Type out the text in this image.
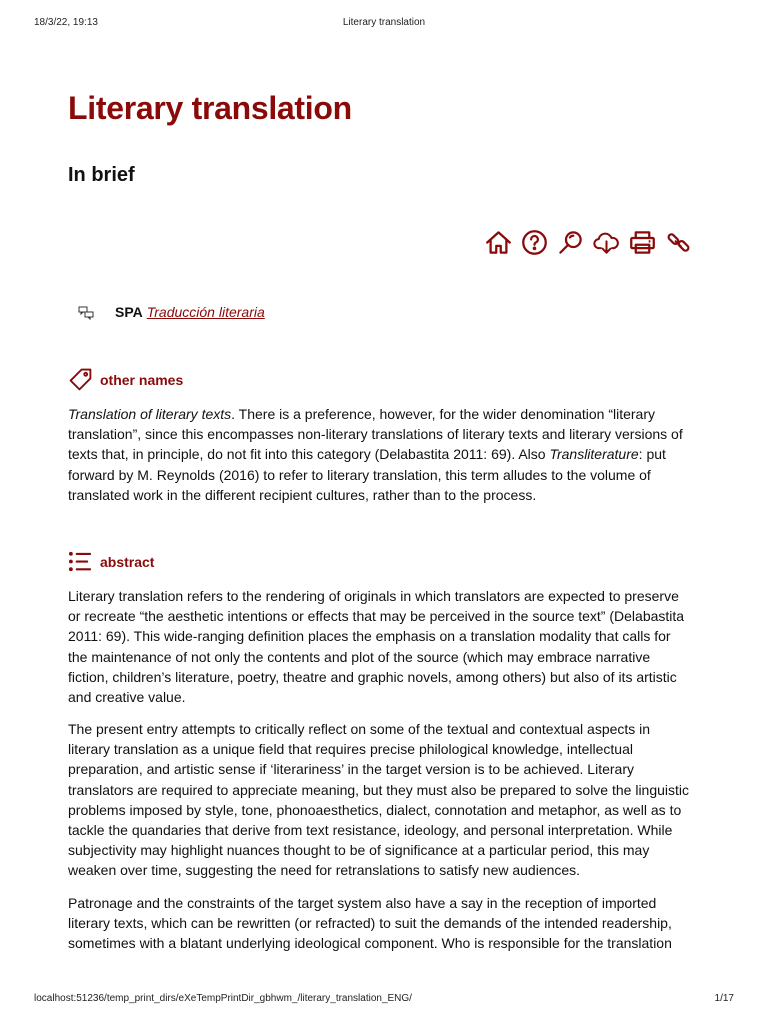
18/3/22, 19:13	Literary translation
Literary translation
In brief
SPA Traducción literaria
other names

Translation of literary texts. There is a preference, however, for the wider denomination “literary
translation”, since this encompasses non-literary translations of literary texts and literary versions of
texts that, in principle, do not fit into this category (Delabastita 2011: 69). Also Transliterature: put
forward by M. Reynolds (2016) to refer to literary translation, this term alludes to the volume of
translated work in the different recipient cultures, rather than to the process.

abstract

Literary translation refers to the rendering of originals in which translators are expected to preserve
or recreate “the aesthetic intentions or effects that may be perceived in the source text” (Delabastita
2011: 69). This wide-ranging definition places the emphasis on a translation modality that calls for
the maintenance of not only the contents and plot of the source (which may embrace narrative
fiction, children’s literature, poetry, theatre and graphic novels, among others) but also of its artistic
and creative value.

The present entry attempts to critically reflect on some of the textual and contextual aspects in
literary translation as a unique field that requires precise philological knowledge, intellectual
preparation, and artistic sense if ‘literariness’ in the target version is to be achieved. Literary
translators are required to appreciate meaning, but they must also be prepared to solve the linguistic
problems imposed by style, tone, phonoaesthetics, dialect, connotation and metaphor, as well as to
tackle the quandaries that derive from text resistance, ideology, and personal interpretation. While
subjectivity may highlight nuances thought to be of significance at a particular period, this may
weaken over time, suggesting the need for retranslations to satisfy new audiences.

Patronage and the constraints of the target system also have a say in the reception of imported
literary texts, which can be rewritten (or refracted) to suit the demands of the intended readership,
sometimes with a blatant underlying ideological component. Who is responsible for the translation

localhost:51236/temp_print_dirs/eXeTempPrintDir_gbhwm_/literary_translation_ENG/	1/17
